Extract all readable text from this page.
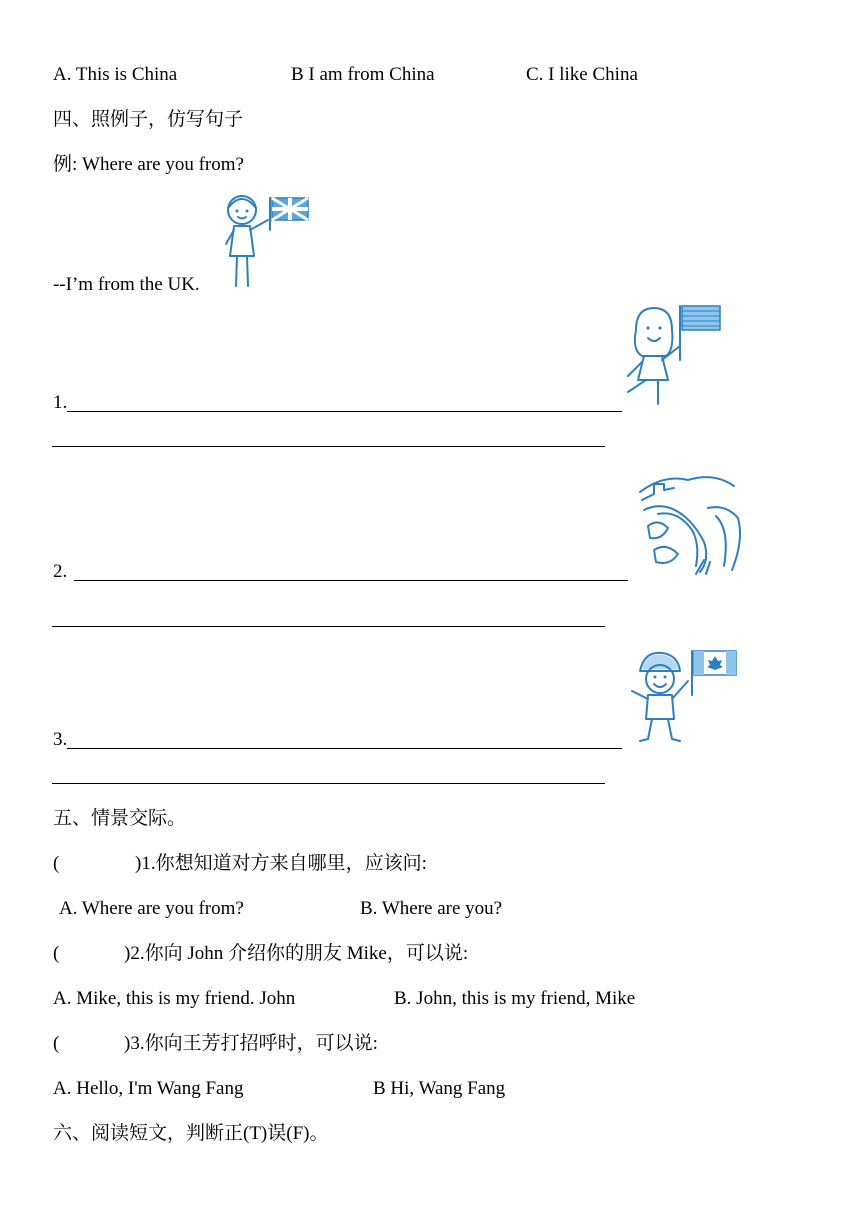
A. This is China	B I am from China	C. I like China
四、照例子，仿写句子
例: Where are you from?
--I’m from the UK.
1.
2.
3.
五、情景交际。
(	)1.你想知道对方来自哪里，应该问:
A. Where are you from?	B. Where are you?
(	)2.你向 John 介绍你的朋友 Mike，可以说:
A. Mike, this is my friend. John	B. John, this is my friend, Mike
(	)3.你向王芳打招呼时，可以说:
A. Hello, I'm Wang Fang	B Hi, Wang Fang
六、阅读短文，判断正(T)误(F)。
